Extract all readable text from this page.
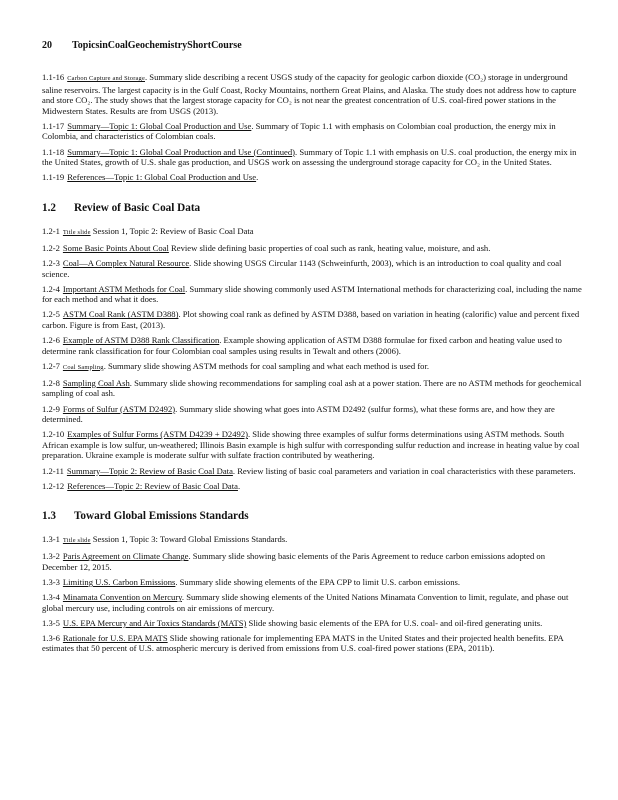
20 TopicsinCoalGeochemistryShortCourse

1.1-16 Carbon Capture and Storage. Summary slide describing a recent USGS study of the capacity for geologic carbon dioxide (CO₂) storage in underground saline reservoirs. The largest capacity is in the Gulf Coast, Rocky Mountains, northern Great Plains, and Alaska. The study does not address how to capture and store CO₂. The study shows that the largest storage capacity for CO₂ is not near the greatest concentration of U.S. coal-fired power stations in the Midwestern States. Results are from USGS (2013).

1.1-17 Summary—Topic 1: Global Coal Production and Use. Summary of Topic 1.1 with emphasis on Colombian coal production, the energy mix in Colombia, and characteristics of Colombian coals.

1.1-18 Summary—Topic 1: Global Coal Production and Use (Continued). Summary of Topic 1.1 with emphasis on U.S. coal production, the energy mix in the United States, growth of U.S. shale gas production, and USGS work on assessing the underground storage capacity for CO₂ in the United States.

1.1-19 References—Topic 1: Global Coal Production and Use.

1.2 Review of Basic Coal Data

1.2-1 Title slide Session 1, Topic 2: Review of Basic Coal Data

1.2-2 Some Basic Points About Coal Review slide defining basic properties of coal such as rank, heating value, moisture, and ash.

1.2-3 Coal—A Complex Natural Resource. Slide showing USGS Circular 1143 (Schweinfurth, 2003), which is an introduction to coal quality and coal science.

1.2-4 Important ASTM Methods for Coal. Summary slide showing commonly used ASTM International methods for characterizing coal, including the name for each method and what it does.

1.2-5 ASTM Coal Rank (ASTM D388). Plot showing coal rank as defined by ASTM D388, based on variation in heating (calorific) value and percent fixed carbon. Figure is from East, (2013).

1.2-6 Example of ASTM D388 Rank Classification. Example showing application of ASTM D388 formulae for fixed carbon and heating value used to determine rank classification for four Colombian coal samples using results in Tewalt and others (2006).

1.2-7 Coal Sampling. Summary slide showing ASTM methods for coal sampling and what each method is used for.

1.2-8 Sampling Coal Ash. Summary slide showing recommendations for sampling coal ash at a power station. There are no ASTM methods for geochemical sampling of coal ash.

1.2-9 Forms of Sulfur (ASTM D2492). Summary slide showing what goes into ASTM D2492 (sulfur forms), what these forms are, and how they are determined.

1.2-10 Examples of Sulfur Forms (ASTM D4239 + D2492). Slide showing three examples of sulfur forms determinations using ASTM methods. South African example is low sulfur, un-weathered; Illinois Basin example is high sulfur with corresponding sulfur reduction and increase in heating value by coal preparation. Ukraine example is moderate sulfur with sulfate fraction contributed by weathering.

1.2-11 Summary—Topic 2: Review of Basic Coal Data. Review listing of basic coal parameters and variation in coal characteristics with these parameters.

1.2-12 References—Topic 2: Review of Basic Coal Data.

1.3 Toward Global Emissions Standards

1.3-1 Title slide Session 1, Topic 3: Toward Global Emissions Standards.

1.3-2 Paris Agreement on Climate Change. Summary slide showing basic elements of the Paris Agreement to reduce carbon emissions adopted on December 12, 2015.

1.3-3 Limiting U.S. Carbon Emissions. Summary slide showing elements of the EPA CPP to limit U.S. carbon emissions.

1.3-4 Minamata Convention on Mercury. Summary slide showing elements of the United Nations Minamata Convention to limit, regulate, and phase out global mercury use, including controls on air emissions of mercury.

1.3-5 U.S. EPA Mercury and Air Toxics Standards (MATS) Slide showing basic elements of the EPA for U.S. coal- and oil-fired generating units.

1.3-6 Rationale for U.S. EPA MATS Slide showing rationale for implementing EPA MATS in the United States and their projected health benefits. EPA estimates that 50 percent of U.S. atmospheric mercury is derived from emissions from U.S. coal-fired power stations (EPA, 2011b).
